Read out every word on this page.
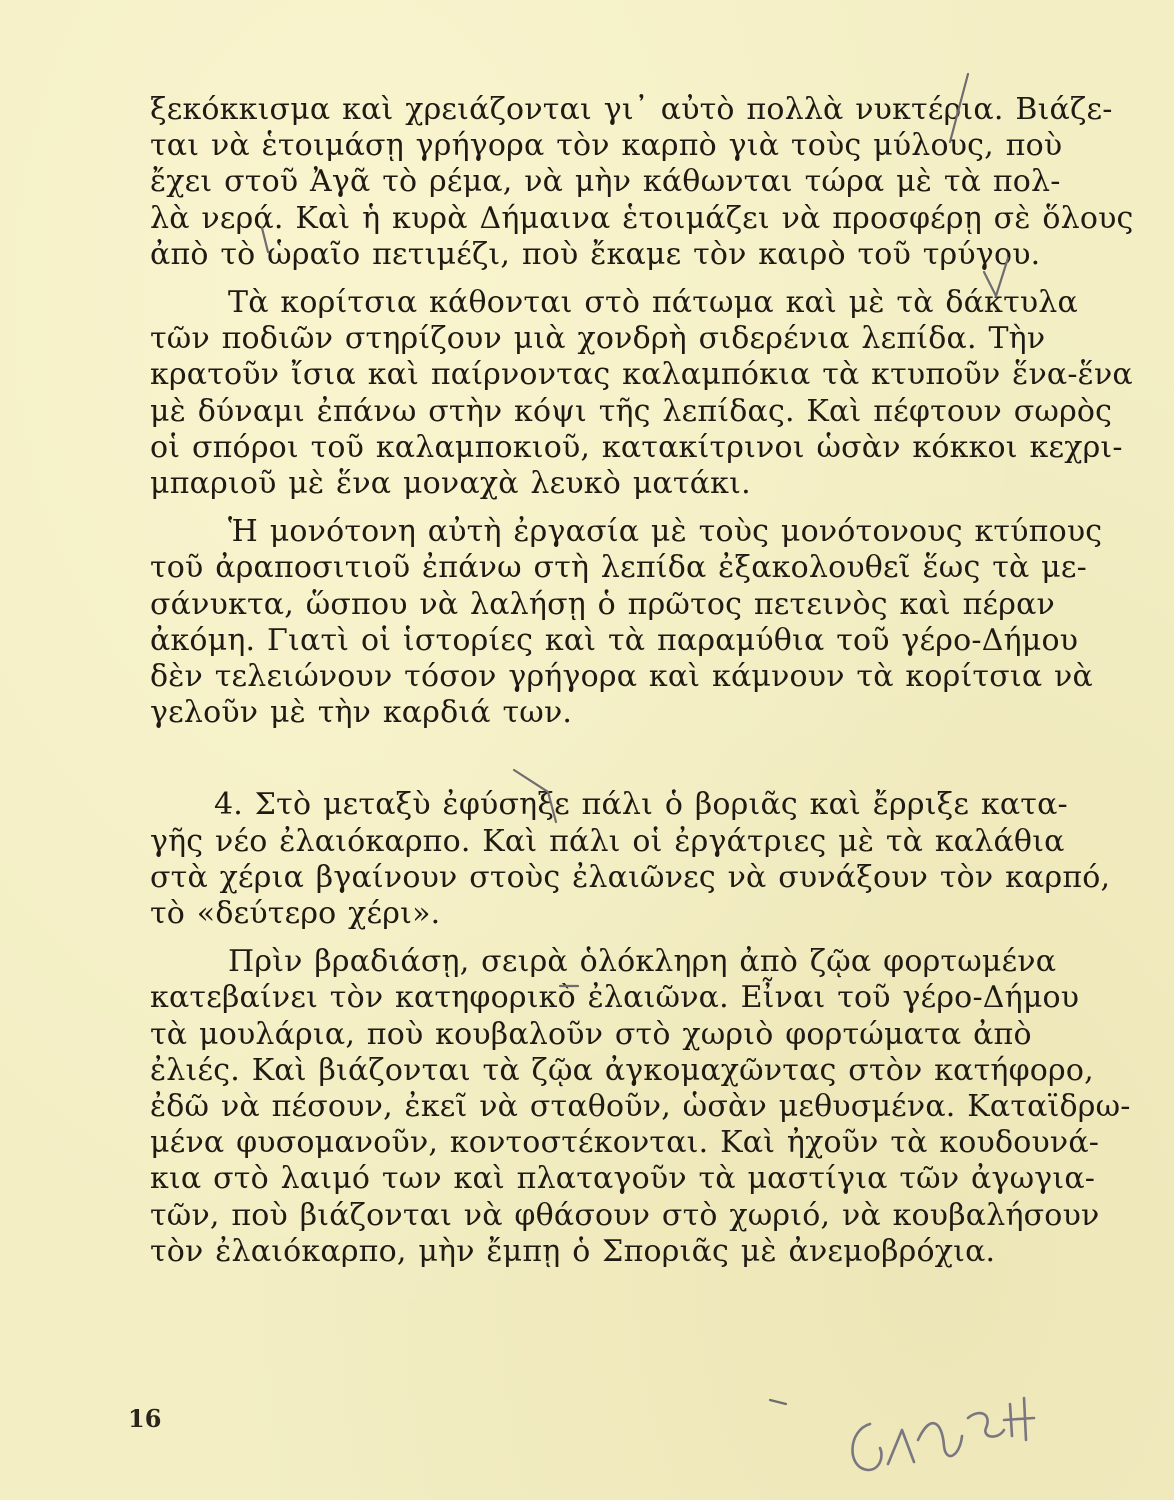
ξεκόκκισμα καὶ χρειάζονται γι᾽ αὐτὸ πολλὰ νυκτέρια. Βιάζε-
ται νὰ ἑτοιμάσῃ γρήγορα τὸν καρπὸ γιὰ τοὺς μύλους, ποὺ
ἔχει στοῦ Ἀγᾶ τὸ ρέμα, νὰ μὴν κάθωνται τώρα μὲ τὰ πολ-
λὰ νερά. Καὶ ἡ κυρὰ Δήμαινα ἑτοιμάζει νὰ προσφέρῃ σὲ ὅλους
ἀπὸ τὸ ὡραῖο πετιμέζι, ποὺ ἔκαμε τὸν καιρὸ τοῦ τρύγου.
Τὰ κορίτσια κάθονται στὸ πάτωμα καὶ μὲ τὰ δάκτυλα
τῶν ποδιῶν στηρίζουν μιὰ χονδρὴ σιδερένια λεπίδα. Τὴν
κρατοῦν ἴσια καὶ παίρνοντας καλαμπόκια τὰ κτυποῦν ἕνα-ἕνα
μὲ δύναμι ἐπάνω στὴν κόψι τῆς λεπίδας. Καὶ πέφτουν σωρὸς
οἱ σπόροι τοῦ καλαμποκιοῦ, κατακίτρινοι ὡσὰν κόκκοι κεχρι-
μπαριοῦ μὲ ἕνα μοναχὰ λευκὸ ματάκι.
Ἡ μονότονη αὐτὴ ἐργασία μὲ τοὺς μονότονους κτύπους
τοῦ ἀραποσιτιοῦ ἐπάνω στὴ λεπίδα ἐξακολουθεῖ ἕως τὰ με-
σάνυκτα, ὥσπου νὰ λαλήσῃ ὁ πρῶτος πετεινὸς καὶ πέραν
ἀκόμη. Γιατὶ οἱ ἱστορίες καὶ τὰ παραμύθια τοῦ γέρο-Δήμου
δὲν τελειώνουν τόσον γρήγορα καὶ κάμνουν τὰ κορίτσια νὰ
γελοῦν μὲ τὴν καρδιά των.
4. Στὸ μεταξὺ ἐφύσηξε πάλι ὁ βοριᾶς καὶ ἔρριξε κατα-
γῆς νέο ἐλαιόκαρπο. Καὶ πάλι οἱ ἐργάτριες μὲ τὰ καλάθια
στὰ χέρια βγαίνουν στοὺς ἐλαιῶνες νὰ συνάξουν τὸν καρπό,
τὸ «δεύτερο χέρι».
Πρὶν βραδιάσῃ, σειρὰ ὁλόκληρη ἀπὸ ζῷα φορτωμένα
κατεβαίνει τὸν κατηφορικὸ ἐλαιῶνα. Εἶναι τοῦ γέρο-Δήμου
τὰ μουλάρια, ποὺ κουβαλοῦν στὸ χωριὸ φορτώματα ἀπὸ
ἐλιές. Καὶ βιάζονται τὰ ζῷα ἀγκομαχῶντας στὸν κατήφορο,
ἐδῶ νὰ πέσουν, ἐκεῖ νὰ σταθοῦν, ὡσὰν μεθυσμένα. Καταϊδρω-
μένα φυσομανοῦν, κοντοστέκονται. Καὶ ἠχοῦν τὰ κουδουνά-
κια στὸ λαιμό των καὶ πλαταγοῦν τὰ μαστίγια τῶν ἀγωγια-
τῶν, ποὺ βιάζονται νὰ φθάσουν στὸ χωριό, νὰ κουβαλήσουν
τὸν ἐλαιόκαρπο, μὴν ἔμπῃ ὁ Σποριᾶς μὲ ἀνεμοβρόχια.
16
